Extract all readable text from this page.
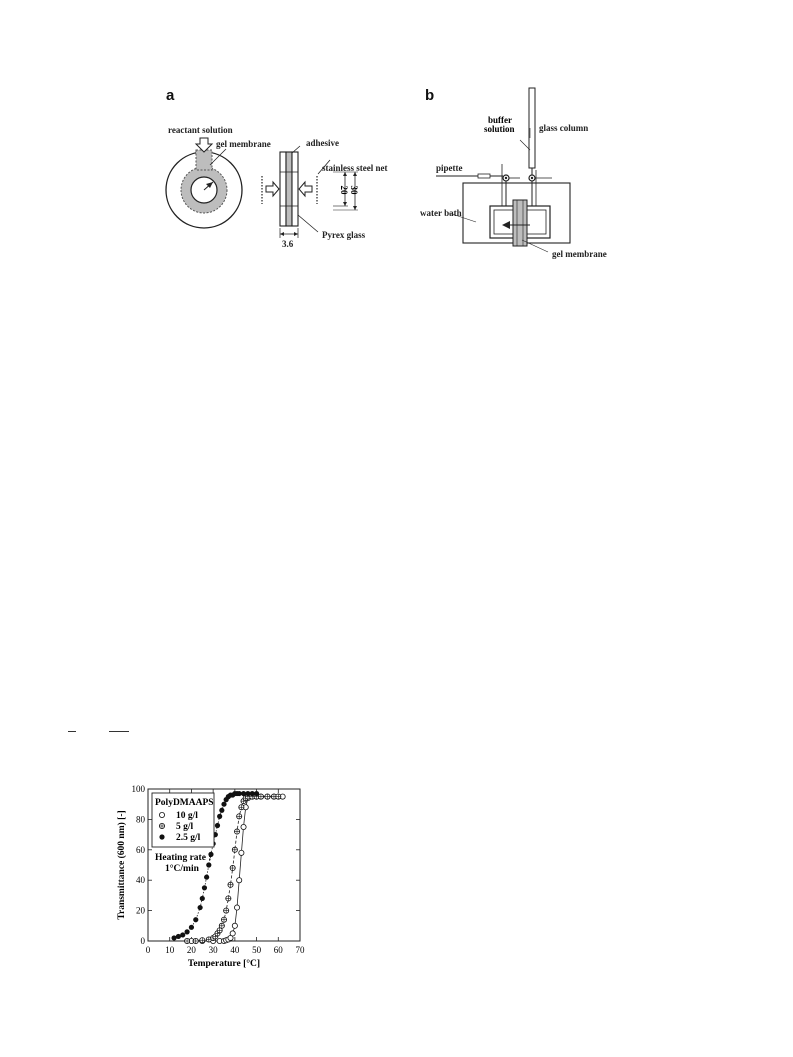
a
20 30
reactant solution
gel membrane	adhesive
stainless steel net
Pyrex glass
3.6
b
buffer
solution	glass column
pipette
water bath
gel membrane
0 10 20 30 40 50 60 70
0
20
40
60
80
100
Temperature [°C]
Transmittance (600 nm) [-]
PolyDMAAPS
10 g/l
5 g/l
2.5 g/l
Heating rate :
1°C/min
